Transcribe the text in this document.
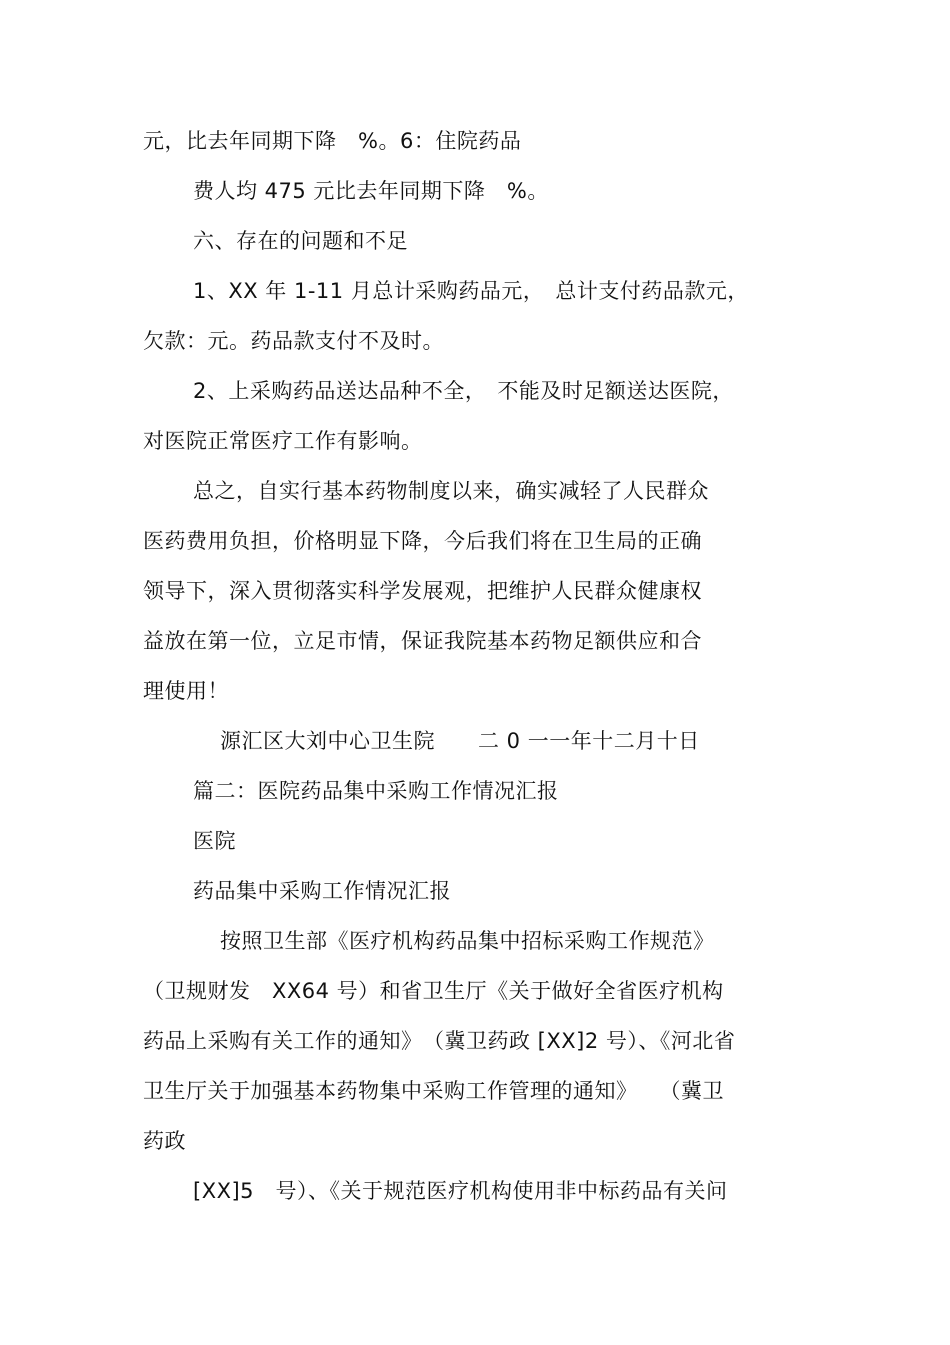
元，比去年同期下降　%。6：住院药品
费人均 475 元比去年同期下降　%。
六、存在的问题和不足
1、XX 年 1-11 月总计采购药品元，　总计支付药品款元，
欠款：元。药品款支付不及时。
2、上采购药品送达品种不全，　不能及时足额送达医院，
对医院正常医疗工作有影响。
总之，自实行基本药物制度以来，确实减轻了人民群众
医药费用负担，价格明显下降，今后我们将在卫生局的正确
领导下，深入贯彻落实科学发展观，把维护人民群众健康权
益放在第一位，立足市情，保证我院基本药物足额供应和合
理使用！
源汇区大刘中心卫生院　　二 0 一一年十二月十日
篇二：医院药品集中采购工作情况汇报
医院
药品集中采购工作情况汇报
按照卫生部《医疗机构药品集中招标采购工作规范》
（卫规财发　XX64 号）和省卫生厅《关于做好全省医疗机构
药品上采购有关工作的通知》　（冀卫药政 [XX]2 号）、《河北省
卫生厅关于加强基本药物集中采购工作管理的通知》　　（冀卫
药政
[XX]5　号）、《关于规范医疗机构使用非中标药品有关问
